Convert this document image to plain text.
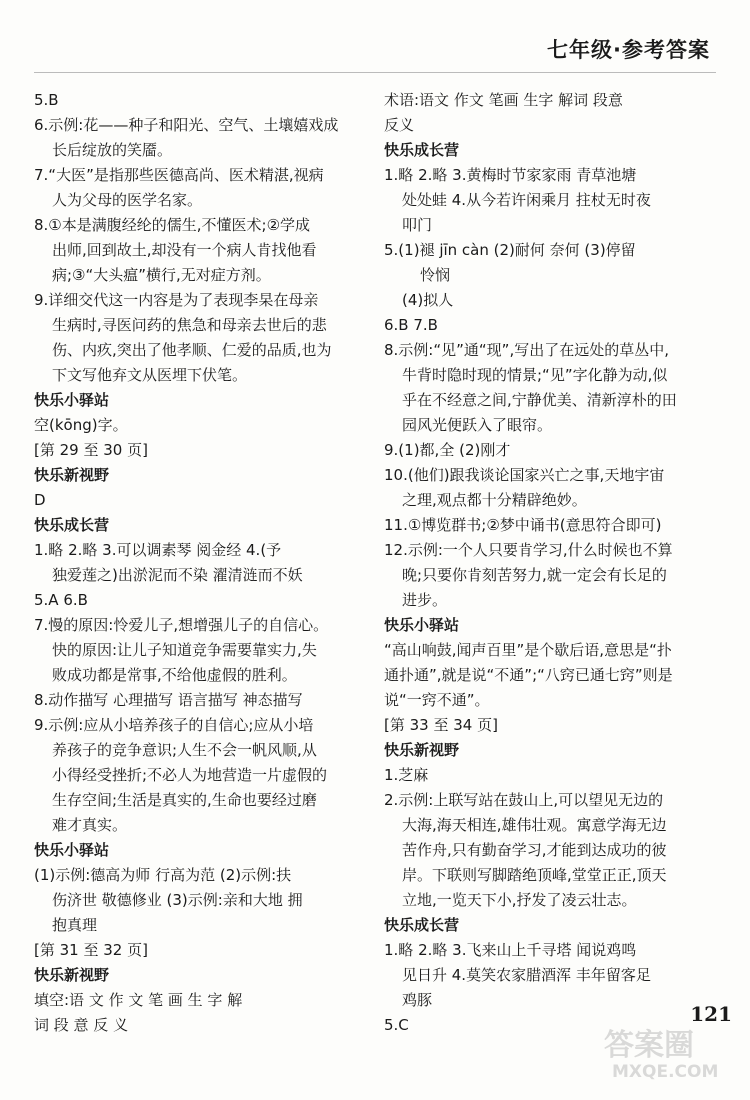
七年级·参考答案
5.B
6.示例:花——种子和阳光、空气、土壤嬉戏成
长后绽放的笑靥。
7.“大医”是指那些医德高尚、医术精湛,视病
人为父母的医学名家。
8.①本是满腹经纶的儒生,不懂医术;②学成
出师,回到故土,却没有一个病人肯找他看
病;③“大头瘟”横行,无对症方剂。
9.详细交代这一内容是为了表现李杲在母亲
生病时,寻医问药的焦急和母亲去世后的悲
伤、内疚,突出了他孝顺、仁爱的品质,也为
下文写他弃文从医埋下伏笔。
快乐小驿站
空(kōng)字。
[第 29 至 30 页]
快乐新视野
D
快乐成长营
1.略 2.略 3.可以调素琴 阅金经 4.(予
独爱莲之)出淤泥而不染 濯清涟而不妖
5.A 6.B
7.慢的原因:怜爱儿子,想增强儿子的自信心。
快的原因:让儿子知道竞争需要靠实力,失
败成功都是常事,不给他虚假的胜利。
8.动作描写 心理描写 语言描写 神态描写
9.示例:应从小培养孩子的自信心;应从小培
养孩子的竞争意识;人生不会一帆风顺,从
小得经受挫折;不必人为地营造一片虚假的
生存空间;生活是真实的,生命也要经过磨
难才真实。
快乐小驿站
(1)示例:德高为师 行高为范 (2)示例:扶
伤济世 敬德修业 (3)示例:亲和大地 拥
抱真理
[第 31 至 32 页]
快乐新视野
填空:语 文 作 文 笔 画 生 字 解
词 段 意 反 义
术语:语文 作文 笔画 生字 解词 段意
反义
快乐成长营
1.略 2.略 3.黄梅时节家家雨 青草池塘
处处蛙 4.从今若许闲乘月 拄杖无时夜
叩门
5.(1)褪 jīn càn (2)耐何 奈何 (3)停留
怜悯
(4)拟人
6.B 7.B
8.示例:“见”通“现”,写出了在远处的草丛中,
牛背时隐时现的情景;“见”字化静为动,似
乎在不经意之间,宁静优美、清新淳朴的田
园风光便跃入了眼帘。
9.(1)都,全 (2)刚才
10.(他们)跟我谈论国家兴亡之事,天地宇宙
之理,观点都十分精辟绝妙。
11.①博览群书;②梦中诵书(意思符合即可)
12.示例:一个人只要肯学习,什么时候也不算
晚;只要你肯刻苦努力,就一定会有长足的
进步。
快乐小驿站
“高山响鼓,闻声百里”是个歇后语,意思是“扑
通扑通”,就是说“不通”;“八窍已通七窍”则是
说“一窍不通”。
[第 33 至 34 页]
快乐新视野
1.芝麻
2.示例:上联写站在鼓山上,可以望见无边的
大海,海天相连,雄伟壮观。寓意学海无边
苦作舟,只有勤奋学习,才能到达成功的彼
岸。下联则写脚踏绝顶峰,堂堂正正,顶天
立地,一览天下小,抒发了凌云壮志。
快乐成长营
1.略 2.略 3.飞来山上千寻塔 闻说鸡鸣
见日升 4.莫笑农家腊酒浑 丰年留客足
鸡豚
5.C	121
答案圈
MXQE.COM
